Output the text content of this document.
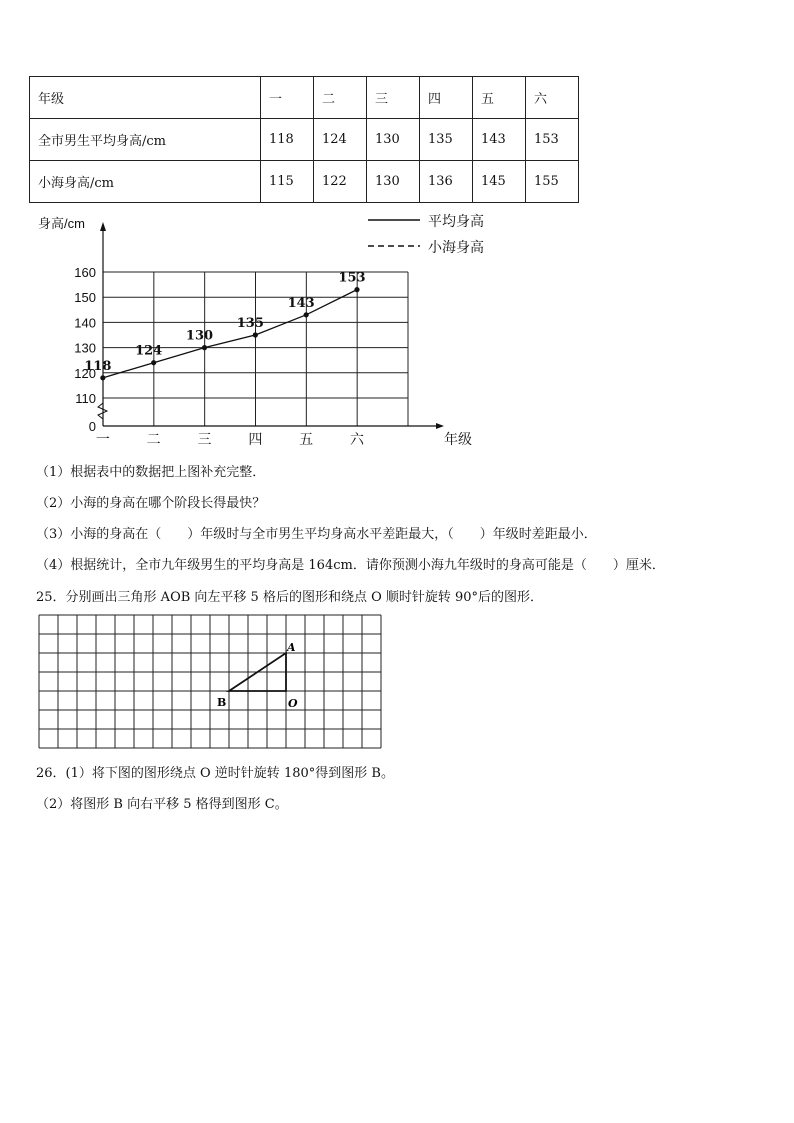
年级	一	二	三	四	五	六
全市男生平均身高/cm	118	124	130	135	143	153
小海身高/cm	115	122	130	136	145	155
160
150
140
130
120
110
0
身高/cm
一	二	三	四	五	六	年级
平均身高
小海身高
118
124
130
135
143
153
（1）根据表中的数据把上图补充完整．
（2）小海的身高在哪个阶段长得最快？
（3）小海的身高在（　　）年级时与全市男生平均身高水平差距最大，（　　）年级时差距最小．
（4）根据统计，全市九年级男生的平均身高是 164cm．请你预测小海九年级时的身高可能是（　　）厘米．
25．分别画出三角形 AOB 向左平移 5 格后的图形和绕点 O 顺时针旋转 90°后的图形．
B
A
O
26．(1）将下图的图形绕点 O 逆时针旋转 180°得到图形 B。
（2）将图形 B 向右平移 5 格得到图形 C。
